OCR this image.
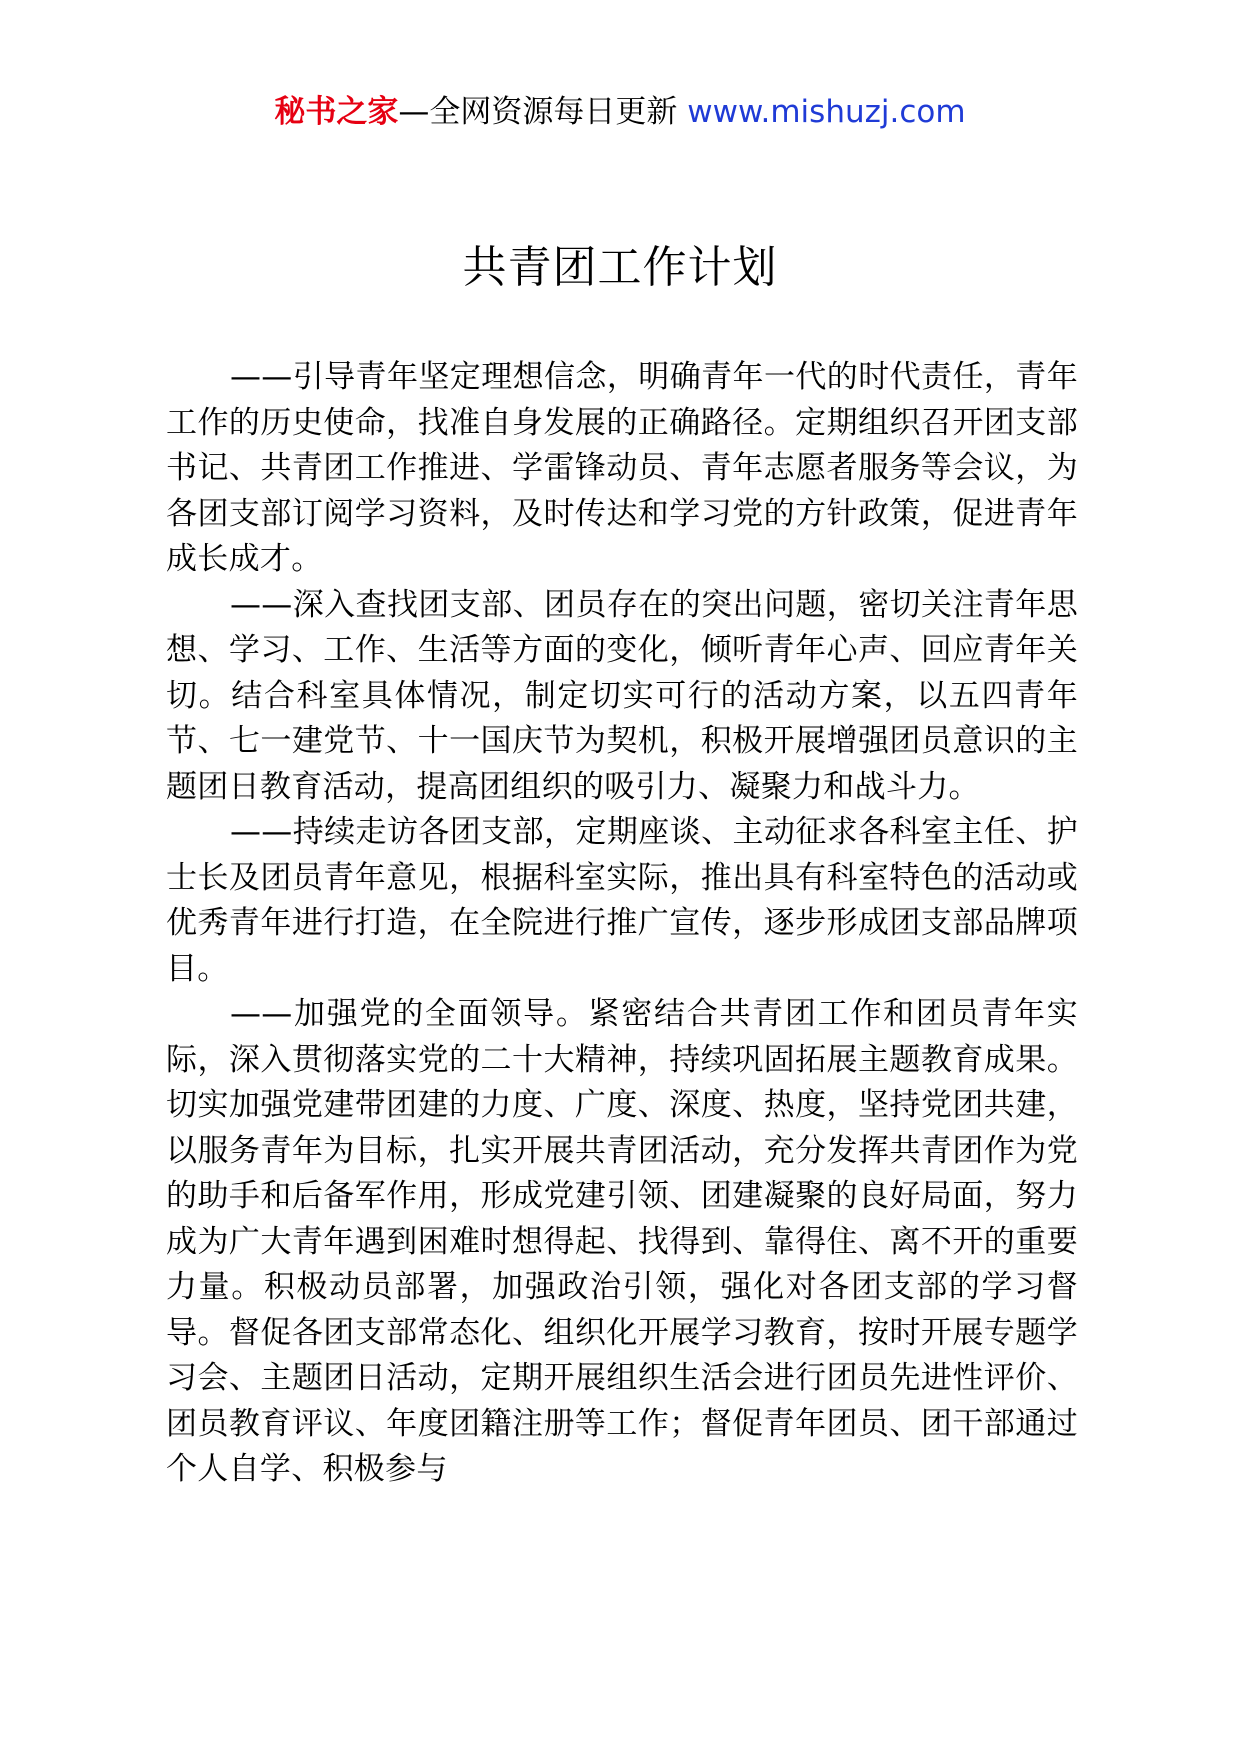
秘书之家—全网资源每日更新 www.mishuzj.com
共青团工作计划

——引导青年坚定理想信念，明确青年一代的时代责任，青年工作的历史使命，找准自身发展的正确路径。定期组织召开团支部书记、共青团工作推进、学雷锋动员、青年志愿者服务等会议，为各团支部订阅学习资料，及时传达和学习党的方针政策，促进青年成长成才。

——深入查找团支部、团员存在的突出问题，密切关注青年思想、学习、工作、生活等方面的变化，倾听青年心声、回应青年关切。结合科室具体情况，制定切实可行的活动方案，以五四青年节、七一建党节、十一国庆节为契机，积极开展增强团员意识的主题团日教育活动，提高团组织的吸引力、凝聚力和战斗力。

——持续走访各团支部，定期座谈、主动征求各科室主任、护士长及团员青年意见，根据科室实际，推出具有科室特色的活动或优秀青年进行打造，在全院进行推广宣传，逐步形成团支部品牌项目。

——加强党的全面领导。紧密结合共青团工作和团员青年实际，深入贯彻落实党的二十大精神，持续巩固拓展主题教育成果。切实加强党建带团建的力度、广度、深度、热度，坚持党团共建，以服务青年为目标，扎实开展共青团活动，充分发挥共青团作为党的助手和后备军作用，形成党建引领、团建凝聚的良好局面，努力成为广大青年遇到困难时想得起、找得到、靠得住、离不开的重要力量。积极动员部署，加强政治引领，强化对各团支部的学习督导。督促各团支部常态化、组织化开展学习教育，按时开展专题学习会、主题团日活动，定期开展组织生活会进行团员先进性评价、团员教育评议、年度团籍注册等工作；督促青年团员、团干部通过个人自学、积极参与
